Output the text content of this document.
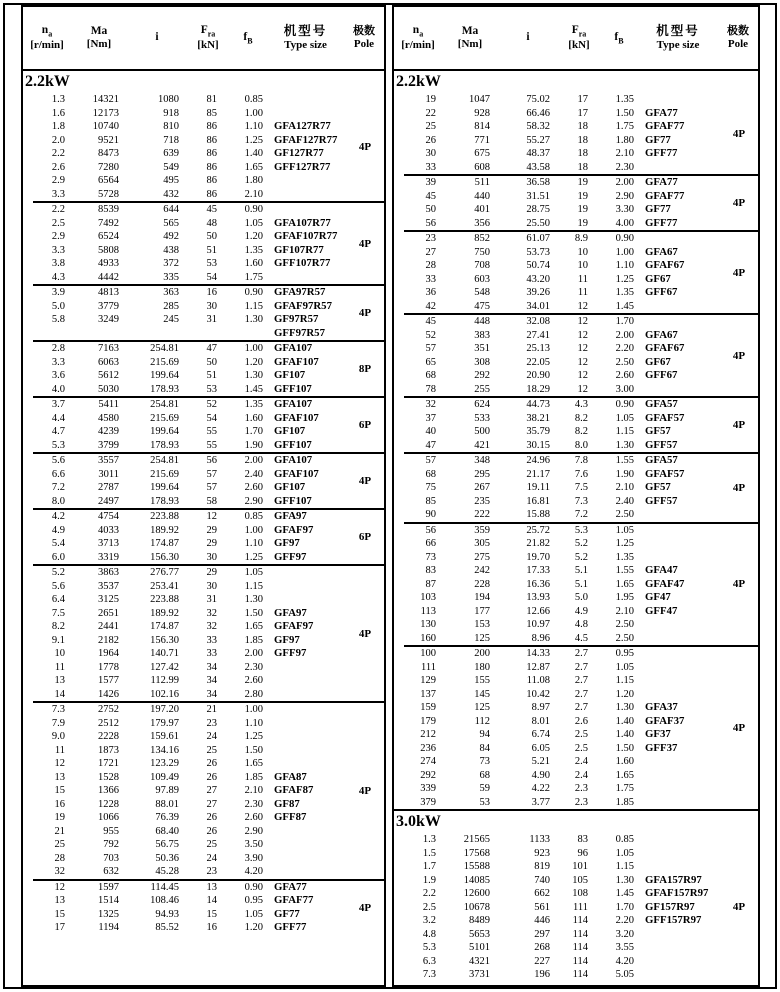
$n_a$
[r/min]
Ma
[Nm]
i
$F_{ra}$
[kN]
$f_B$
机型号
Type size
极数
Pole
2.2kW
1.3	14321	1080	81	0.85
1.6	12173	918	85	1.00
1.8	10740	810	86	1.10	GFA127R77
2.0	9521	718	86	1.25	GFAF127R77
2.2	8473	639	86	1.40	GF127R77
2.6	7280	549	86	1.65	GFF127R77
2.9	6564	495	86	1.80
3.3	5728	432	86	2.10
4P
2.2	8539	644	45	0.90
2.5	7492	565	48	1.05	GFA107R77
2.9	6524	492	50	1.20	GFAF107R77
3.3	5808	438	51	1.35	GF107R77
3.8	4933	372	53	1.60	GFF107R77
4.3	4442	335	54	1.75
4P
3.9	4813	363	16	0.90	GFA97R57
5.0	3779	285	30	1.15	GFAF97R57
5.8	3249	245	31	1.30	GF97R57
GFF97R57
4P
2.8	7163	254.81	47	1.00	GFA107
3.3	6063	215.69	50	1.20	GFAF107
3.6	5612	199.64	51	1.30	GF107
4.0	5030	178.93	53	1.45	GFF107
8P
3.7	5411	254.81	52	1.35	GFA107
4.4	4580	215.69	54	1.60	GFAF107
4.7	4239	199.64	55	1.70	GF107
5.3	3799	178.93	55	1.90	GFF107
6P
5.6	3557	254.81	56	2.00	GFA107
6.6	3011	215.69	57	2.40	GFAF107
7.2	2787	199.64	57	2.60	GF107
8.0	2497	178.93	58	2.90	GFF107
4P
4.2	4754	223.88	12	0.85	GFA97
4.9	4033	189.92	29	1.00	GFAF97
5.4	3713	174.87	29	1.10	GF97
6.0	3319	156.30	30	1.25	GFF97
6P
5.2	3863	276.77	29	1.05
5.6	3537	253.41	30	1.15
6.4	3125	223.88	31	1.30
7.5	2651	189.92	32	1.50	GFA97
8.2	2441	174.87	32	1.65	GFAF97
9.1	2182	156.30	33	1.85	GF97
10	1964	140.71	33	2.00	GFF97
11	1778	127.42	34	2.30
13	1577	112.99	34	2.60
14	1426	102.16	34	2.80
4P
7.3	2752	197.20	21	1.00
7.9	2512	179.97	23	1.10
9.0	2228	159.61	24	1.25
11	1873	134.16	25	1.50
12	1721	123.29	26	1.65
13	1528	109.49	26	1.85	GFA87
15	1366	97.89	27	2.10	GFAF87
16	1228	88.01	27	2.30	GF87
19	1066	76.39	26	2.60	GFF87
21	955	68.40	26	2.90
25	792	56.75	25	3.50
28	703	50.36	24	3.90
32	632	45.28	23	4.20
4P
12	1597	114.45	13	0.90	GFA77
13	1514	108.46	14	0.95	GFAF77
15	1325	94.93	15	1.05	GF77
17	1194	85.52	16	1.20	GFF77
4P
$n_a$
[r/min]
Ma
[Nm]
i
$F_{ra}$
[kN]
$f_B$
机型号
Type size
极数
Pole
2.2kW
19	1047	75.02	17	1.35
22	928	66.46	17	1.50	GFA77
25	814	58.32	18	1.75	GFAF77
26	771	55.27	18	1.80	GF77
30	675	48.37	18	2.10	GFF77
33	608	43.58	18	2.30
4P
39	511	36.58	19	2.00	GFA77
45	440	31.51	19	2.90	GFAF77
50	401	28.75	19	3.30	GF77
56	356	25.50	19	4.00	GFF77
4P
23	852	61.07	8.9	0.90
27	750	53.73	10	1.00	GFA67
28	708	50.74	10	1.10	GFAF67
33	603	43.20	11	1.25	GF67
36	548	39.26	11	1.35	GFF67
42	475	34.01	12	1.45
4P
45	448	32.08	12	1.70
52	383	27.41	12	2.00	GFA67
57	351	25.13	12	2.20	GFAF67
65	308	22.05	12	2.50	GF67
68	292	20.90	12	2.60	GFF67
78	255	18.29	12	3.00
4P
32	624	44.73	4.3	0.90	GFA57
37	533	38.21	8.2	1.05	GFAF57
40	500	35.79	8.2	1.15	GF57
47	421	30.15	8.0	1.30	GFF57
4P
57	348	24.96	7.8	1.55	GFA57
68	295	21.17	7.6	1.90	GFAF57
75	267	19.11	7.5	2.10	GF57
85	235	16.81	7.3	2.40	GFF57
90	222	15.88	7.2	2.50
4P
56	359	25.72	5.3	1.05
66	305	21.82	5.2	1.25
73	275	19.70	5.2	1.35
83	242	17.33	5.1	1.55	GFA47
87	228	16.36	5.1	1.65	GFAF47
103	194	13.93	5.0	1.95	GF47
113	177	12.66	4.9	2.10	GFF47
130	153	10.97	4.8	2.50
160	125	8.96	4.5	2.50
4P
100	200	14.33	2.7	0.95
111	180	12.87	2.7	1.05
129	155	11.08	2.7	1.15
137	145	10.42	2.7	1.20
159	125	8.97	2.7	1.30	GFA37
179	112	8.01	2.6	1.40	GFAF37
212	94	6.74	2.5	1.40	GF37
236	84	6.05	2.5	1.50	GFF37
274	73	5.21	2.4	1.60
292	68	4.90	2.4	1.65
339	59	4.22	2.3	1.75
379	53	3.77	2.3	1.85
4P
3.0kW
1.3	21565	1133	83	0.85
1.5	17568	923	96	1.05
1.7	15588	819	101	1.15
1.9	14085	740	105	1.30	GFA157R97
2.2	12600	662	108	1.45	GFAF157R97
2.5	10678	561	111	1.70	GF157R97
3.2	8489	446	114	2.20	GFF157R97
4.8	5653	297	114	3.20
5.3	5101	268	114	3.55
6.3	4321	227	114	4.20
7.3	3731	196	114	5.05
4P
